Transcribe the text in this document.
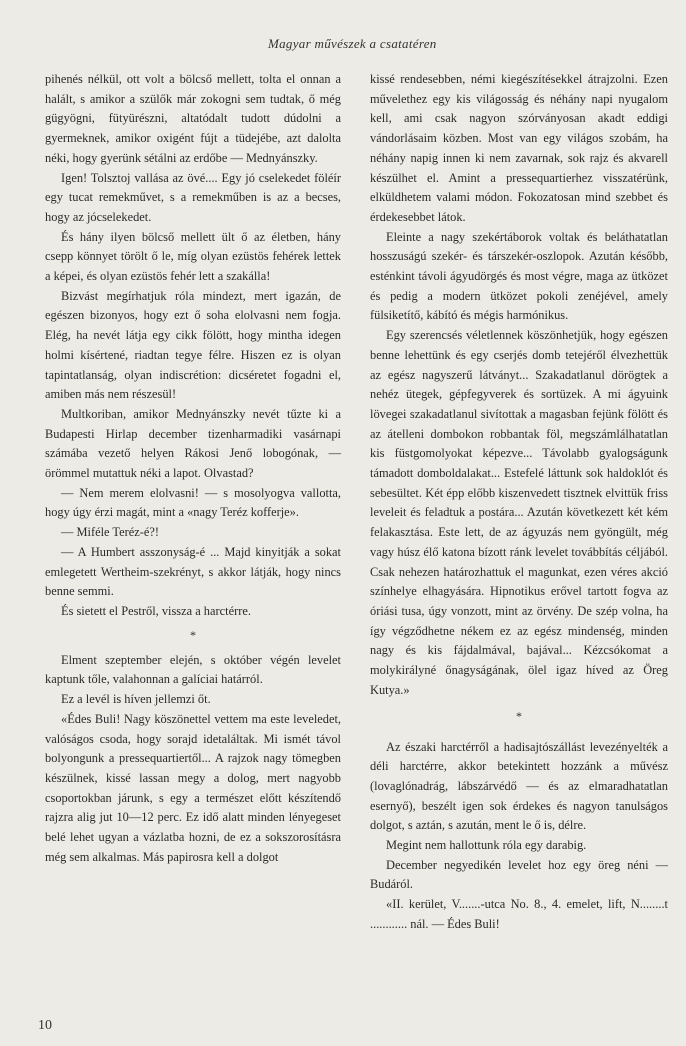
Magyar művészek a csatatéren

pihenés nélkül, ott volt a bölcső mellett, tolta el onnan a halált, s amikor a szülők már zokogni sem tudtak, ő még gügyögni, fütyürészni, altatódalt tudott dúdolni a gyermeknek, amikor oxigént fújt a tüdejébe, azt dalolta néki, hogy gyerünk sétálni az erdőbe — Mednyánszky.

Igen! Tolsztoj vallása az övé.... Egy jó cselekedet föléír egy tucat remekművet, s a remekműben is az a becses, hogy az jócselekedet.

És hány ilyen bölcső mellett ült ő az életben, hány csepp könnyet törölt ő le, míg olyan ezüstös fehérek lettek a képei, és olyan ezüstös fehér lett a szakálla!

Bizvást megírhatjuk róla mindezt, mert igazán, de egészen bizonyos, hogy ezt ő soha elolvasni nem fogja. Elég, ha nevét látja egy cikk fölött, hogy mintha idegen holmi kísértené, riadtan tegye félre. Hiszen ez is olyan tapintatlanság, olyan indiscrétion: dicséretet fogadni el, amiben más nem részesül!

Multkoriban, amikor Mednyánszky nevét tűzte ki a Budapesti Hirlap december tizenharmadiki vasárnapi számába vezető helyen Rákosi Jenő lobogónak, — örömmel mutattuk néki a lapot. Olvastad?

— Nem merem elolvasni! — s mosolyogva vallotta, hogy úgy érzi magát, mint a «nagy Teréz kofferje».

— Miféle Teréz-é?!

— A Humbert asszonyság-é ... Majd kinyitják a sokat emlegetett Wertheim-szekrényt, s akkor látják, hogy nincs benne semmi.

És sietett el Pestről, vissza a harctérre.

*

Elment szeptember elején, s október végén levelet kaptunk tőle, valahonnan a galíciai határról.

Ez a levél is híven jellemzi őt.

«Édes Buli! Nagy köszönettel vettem ma este leveledet, valóságos csoda, hogy sorajd idetaláltak. Mi ismét távol bolyongunk a pressequartiertől... A rajzok nagy tömegben készülnek, kissé lassan megy a dolog, mert nagyobb csoportokban járunk, s egy a természet előtt készítendő rajzra alig jut 10—12 perc. Ez idő alatt minden lényegeset belé lehet ugyan a vázlatba hozni, de ez a sokszorosításra még sem alkalmas. Más papirosra kell a dolgot

kissé rendesebben, némi kiegészítésekkel átrajzolni. Ezen művelethez egy kis világosság és néhány napi nyugalom kell, ami csak nagyon szórványosan akadt eddigi vándorlásaim közben. Most van egy világos szobám, ha néhány napig innen ki nem zavarnak, sok rajz és akvarell készülhet el. Amint a pressequartierhez visszatérünk, elküldhetem valami módon. Fokozatosan mind szebbet és érdekesebbet látok.

Eleinte a nagy szekértáborok voltak és beláthatatlan hosszuságú szekér- és társzekér-oszlopok. Azután később, esténkint távoli ágyudörgés és most végre, maga az ütközet és pedig a modern ütközet pokoli zenéjével, amely fülsiketítő, kábító és mégis harmónikus.

Egy szerencsés véletlennek köszönhetjük, hogy egészen benne lehettünk és egy cserjés domb tetejéről élvezhettük az egész nagyszerű látványt... Szakadatlanul dörögtek a nehéz ütegek, gépfegyverek és sortüzek. A mi ágyuink lövegei szakadatlanul sivítottak a magasban fejünk fölött és az átelleni dombokon robbantak föl, megszámlálhatatlan kis füstgomolyokat képezve... Távolabb gyalogságunk támadott domboldalakat... Estefelé láttunk sok haldoklót és sebesültet. Két épp előbb kiszenvedett tisztnek elvittük friss leveleit és feladtuk a postára... Azután következett két kém felakasztása. Este lett, de az ágyuzás nem gyöngült, még vagy húsz élő katona bízott ránk levelet továbbítás céljából. Csak nehezen határozhattuk el magunkat, ezen véres akció színhelye elhagyására. Hipnotikus erővel tartott fogva az óriási tusa, úgy vonzott, mint az örvény. De szép volna, ha így végződhetne nékem ez az egész mindenség, minden nagy és kis fájdalmával, bajával... Kézcsókomat a molykirályné őnagyságának, ölel igaz híved az Öreg Kutya.»

*

Az északi harctérről a hadisajtószállást levezényelték a déli harctérre, akkor betekintett hozzánk a művész (lovaglónadrág, lábszárvédő — és az elmaradhatatlan esernyő), beszélt igen sok érdekes és nagyon tanulságos dolgot, s aztán, s azután, ment le ő is, délre.

Megint nem hallottunk róla egy darabig.

December negyedikén levelet hoz egy öreg néni — Budáról.

«II. kerület, V.......-utca No. 8., 4. emelet, lift, N........t ............ nál. — Édes Buli!

10
